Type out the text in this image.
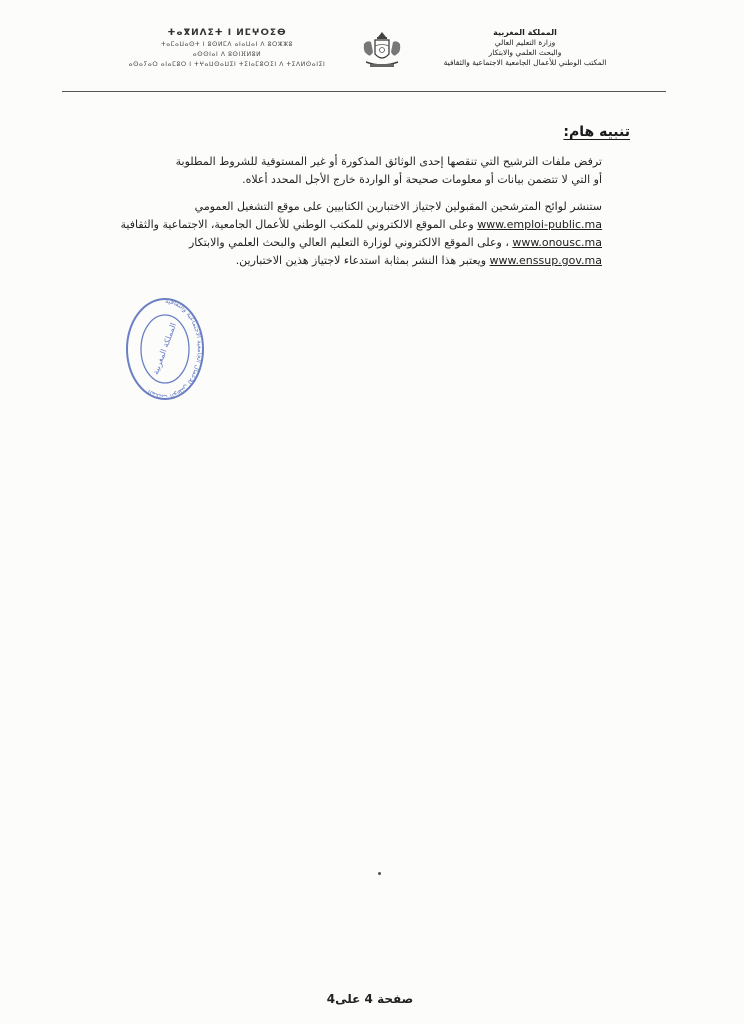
ⵜⴰⴳⵍⴷⵉⵜ ⵏ ⵍⵎⵖⵔⵉⴱ
ⵜⴰⵎⴰⵡⴰⵙⵜ ⵏ ⵓⵙⵍⵎⴷ ⴰⵏⴰⵡⴰⵏ ⴷ ⵓⵔⵣⵣⵓ
ⴰⵙⵙⵏⴰⵏ ⴷ ⵓⵙⵏⴼⵍⵓⵍ
ⴰⵙⴰⵢⴰⵔ ⴰⵏⴰⵎⵓⵔ ⵏ ⵜⵖⴰⵡⵙⴰⵡⵉⵏ ⵜⵉⵏⴰⵎⵓⵔⵉⵏ ⴷ ⵜⵉⴷⵍⵙⴰⵏⵉⵏ
المملكة المغربية
وزارة التعليم العالي
والبحث العلمي والابتكار
المكتب الوطني للأعمال الجامعية الاجتماعية والثقافية
تنبيه هام:
ترفض ملفات الترشيح التي تنقصها إحدى الوثائق المذكورة أو غير المستوفية للشروط المطلوبة
أو التي لا تتضمن بيانات أو معلومات صحيحة أو الواردة خارج الأجل المحدد أعلاه.
ستنشر لوائح المترشحين المقبولين لاجتياز الاختبارين الكتابيين على موقع التشغيل العمومي
www.emploi-public.ma وعلى الموقع الالكتروني للمكتب الوطني للأعمال الجامعية، الاجتماعية والثقافية
www.onousc.ma ، وعلى الموقع الالكتروني لوزارة التعليم العالي والبحث العلمي والابتكار
www.enssup.gov.ma ويعتبر هذا النشر بمثابة استدعاء لاجتياز هذين الاختبارين.
المكتب الوطني للأعمال الجامعية الاجتماعية والثقافية
المملكة المغربية
صفحة 4 على4
